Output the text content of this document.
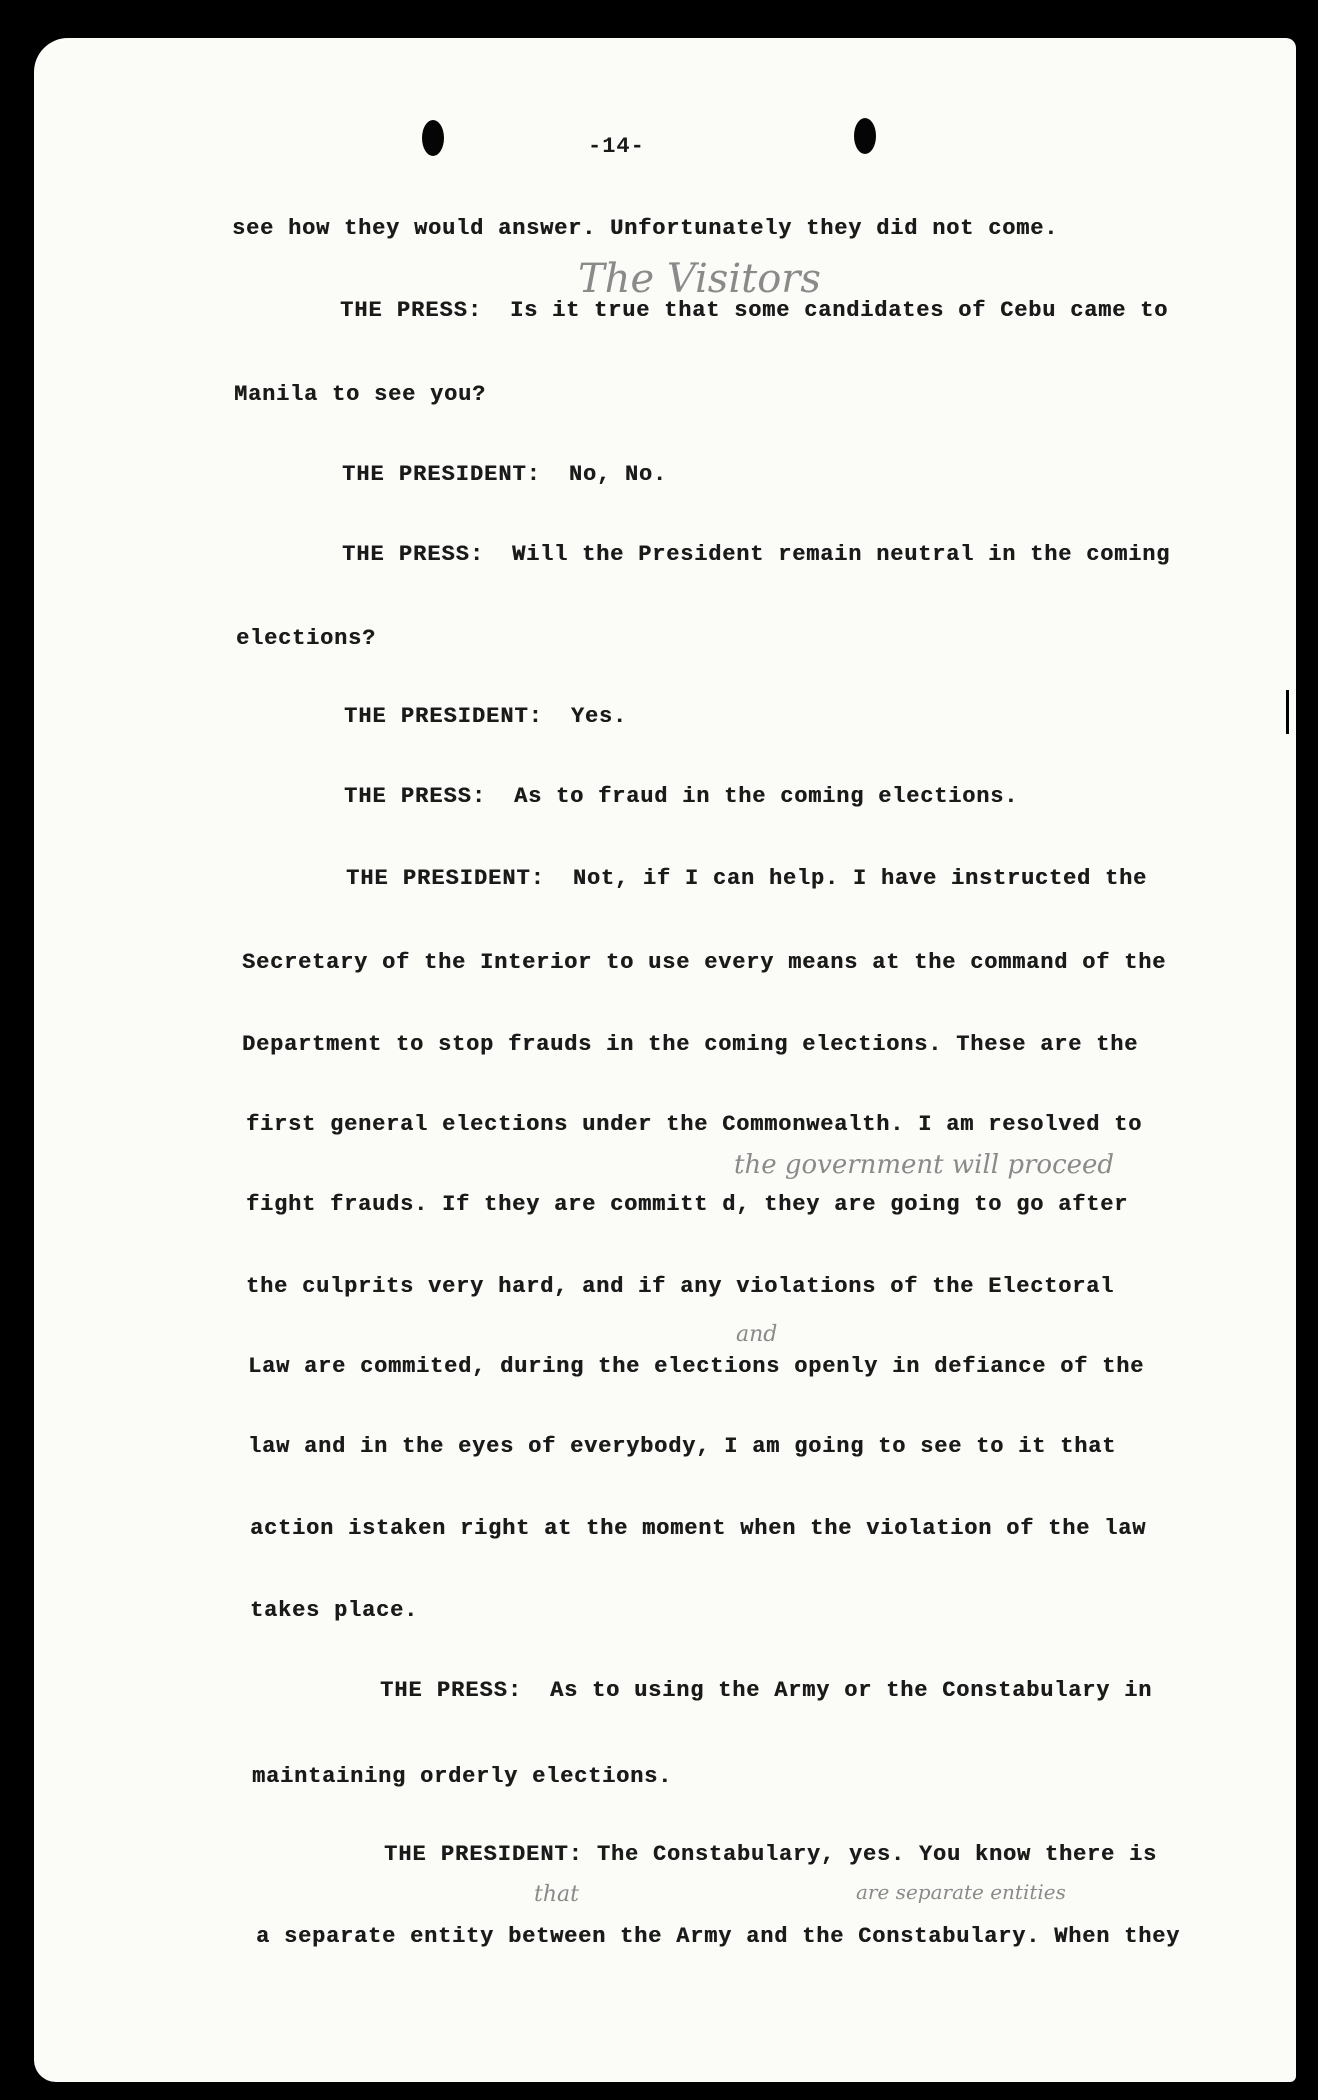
-14-
see how they would answer. Unfortunately they did not come.
The Visitors
THE PRESS: Is it true that some candidates of Cebu came to
Manila to see you?
THE PRESIDENT: No, No.
THE PRESS: Will the President remain neutral in the coming
elections?
THE PRESIDENT: Yes.
THE PRESS: As to fraud in the coming elections.
THE PRESIDENT: Not, if I can help. I have instructed the
Secretary of the Interior to use every means at the command of the
Department to stop frauds in the coming elections. These are the
first general elections under the Commonwealth. I am resolved to
the government will proceed
fight frauds. If they are committ d, they are going to go after
the culprits very hard, and if any violations of the Electoral
and
Law are commited, during the elections openly in defiance of the
law and in the eyes of everybody, I am going to see to it that
action istaken right at the moment when the violation of the law
takes place.
THE PRESS: As to using the Army or the Constabulary in
maintaining orderly elections.
THE PRESIDENT: The Constabulary, yes. You know there is
that	are separate entities
a separate entity between the Army and the Constabulary. When they
